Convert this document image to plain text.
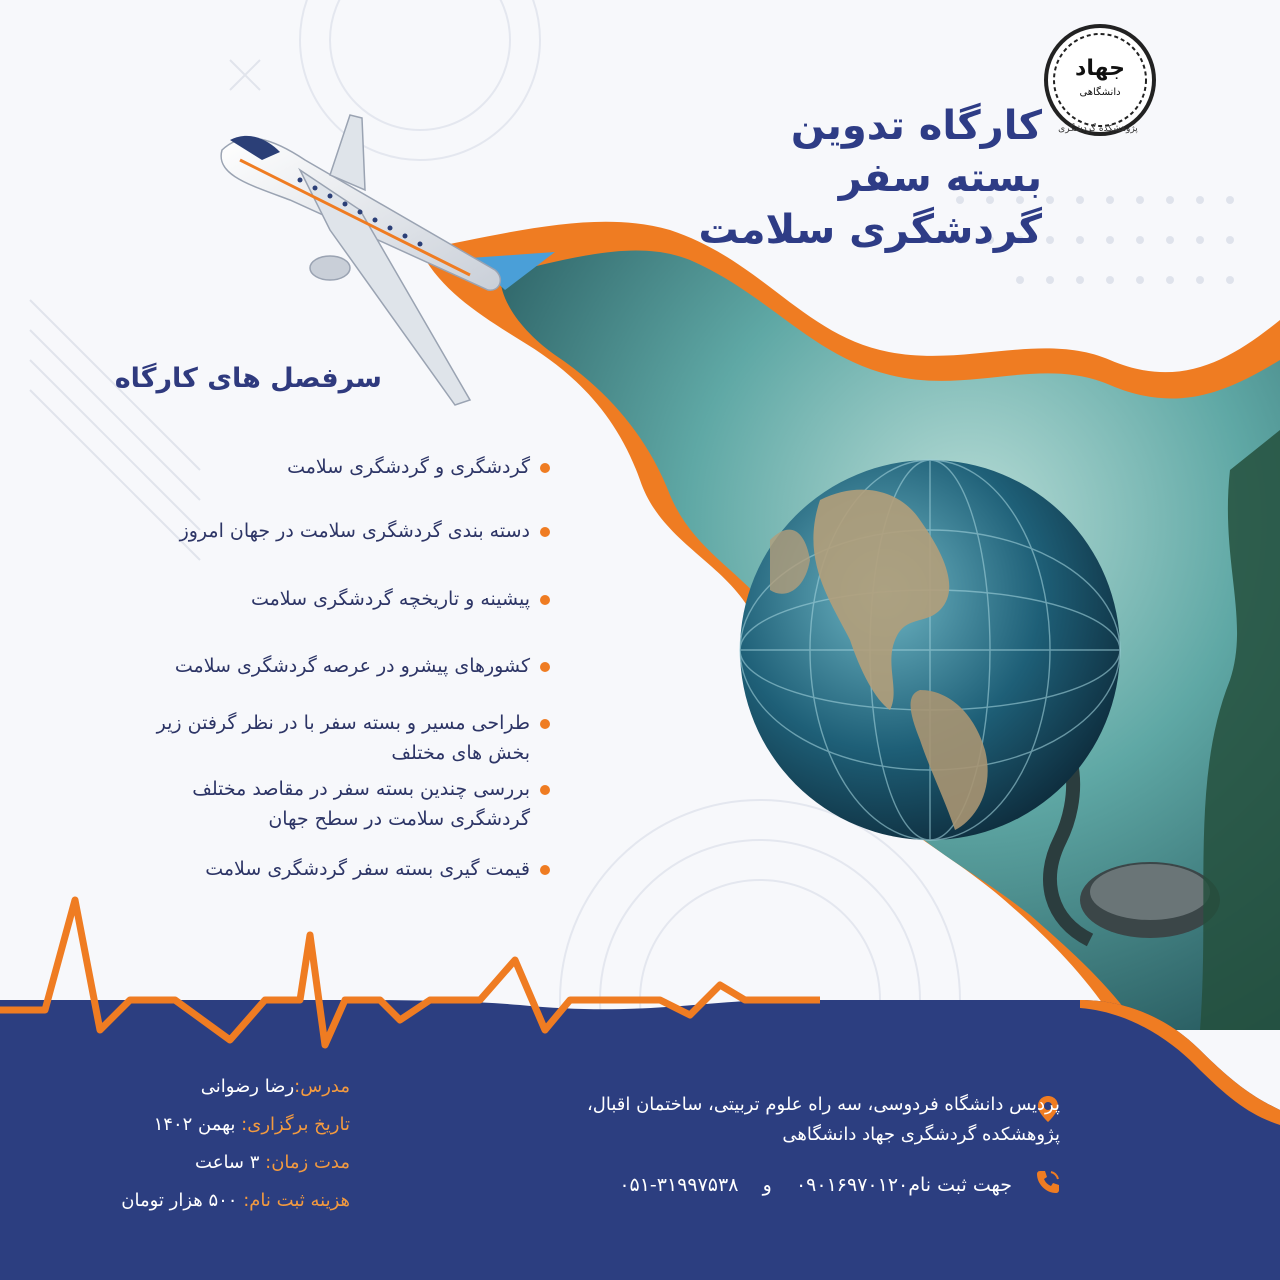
جهاد
دانشگاهی
پژوهشکده گردشگری
کارگاه تدوین
بسته سفر
گردشگری سلامت
سرفصل های کارگاه
گردشگری و گردشگری سلامت
دسته بندی گردشگری سلامت در جهان امروز
پیشینه و تاریخچه گردشگری سلامت
کشورهای پیشرو در عرصه گردشگری سلامت
طراحی مسیر و بسته سفر با در نظر گرفتن زیر بخش های مختلف
بررسی چندین بسته سفر در مقاصد مختلف گردشگری سلامت در سطح جهان
قیمت گیری بسته سفر گردشگری سلامت
مدرس:رضا رضوانی
تاریخ برگزاری: بهمن ۱۴۰۲
مدت زمان: ۳ ساعت
هزینه ثبت نام: ۵۰۰ هزار تومان
پردیس دانشگاه فردوسی، سه راه علوم تربیتی، ساختمان اقبال،
پژوهشکده گردشگری جهاد دانشگاهی
جهت ثبت نام۰۹۰۱۶۹۷۰۱۲۰    و    ۰۵۱-۳۱۹۹۷۵۳۸
